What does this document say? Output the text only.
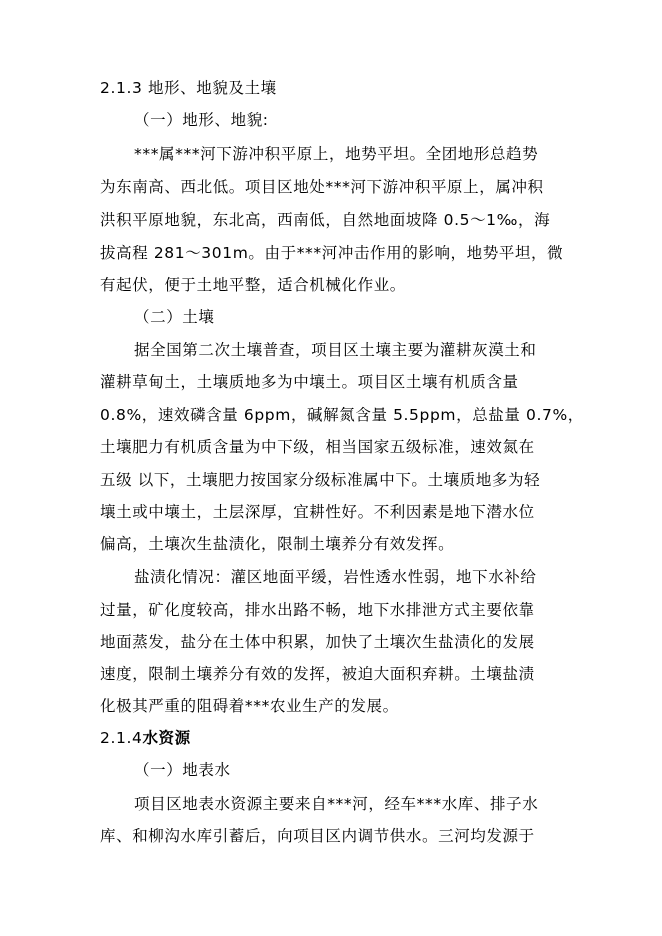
2.1.3 地形、地貌及土壤
（一）地形、地貌:
***属***河下游冲积平原上，地势平坦。全团地形总趋势
为东南高、西北低。项目区地处***河下游冲积平原上，属冲积
洪积平原地貌，东北高，西南低，自然地面坡降 0.5～1‰，海
拔高程 281～301m。由于***河冲击作用的影响，地势平坦，微
有起伏，便于土地平整，适合机械化作业。
（二）土壤
据全国第二次土壤普查，项目区土壤主要为灌耕灰漠土和
灌耕草甸土，土壤质地多为中壤土。项目区土壤有机质含量
0.8%，速效磷含量 6ppm，碱解氮含量 5.5ppm，总盐量 0.7%，
土壤肥力有机质含量为中下级，相当国家五级标准，速效氮在
五级 以下，土壤肥力按国家分级标准属中下。土壤质地多为轻
壤土或中壤土，土层深厚，宜耕性好。不利因素是地下潜水位
偏高，土壤次生盐渍化，限制土壤养分有效发挥。
盐渍化情况：灌区地面平缓，岩性透水性弱，地下水补给
过量，矿化度较高，排水出路不畅，地下水排泄方式主要依靠
地面蒸发，盐分在土体中积累，加快了土壤次生盐渍化的发展
速度，限制土壤养分有效的发挥，被迫大面积弃耕。土壤盐渍
化极其严重的阻碍着***农业生产的发展。
2.1.4水资源
（一）地表水
项目区地表水资源主要来自***河，经车***水库、排子水
库、和柳沟水库引蓄后，向项目区内调节供水。三河均发源于
